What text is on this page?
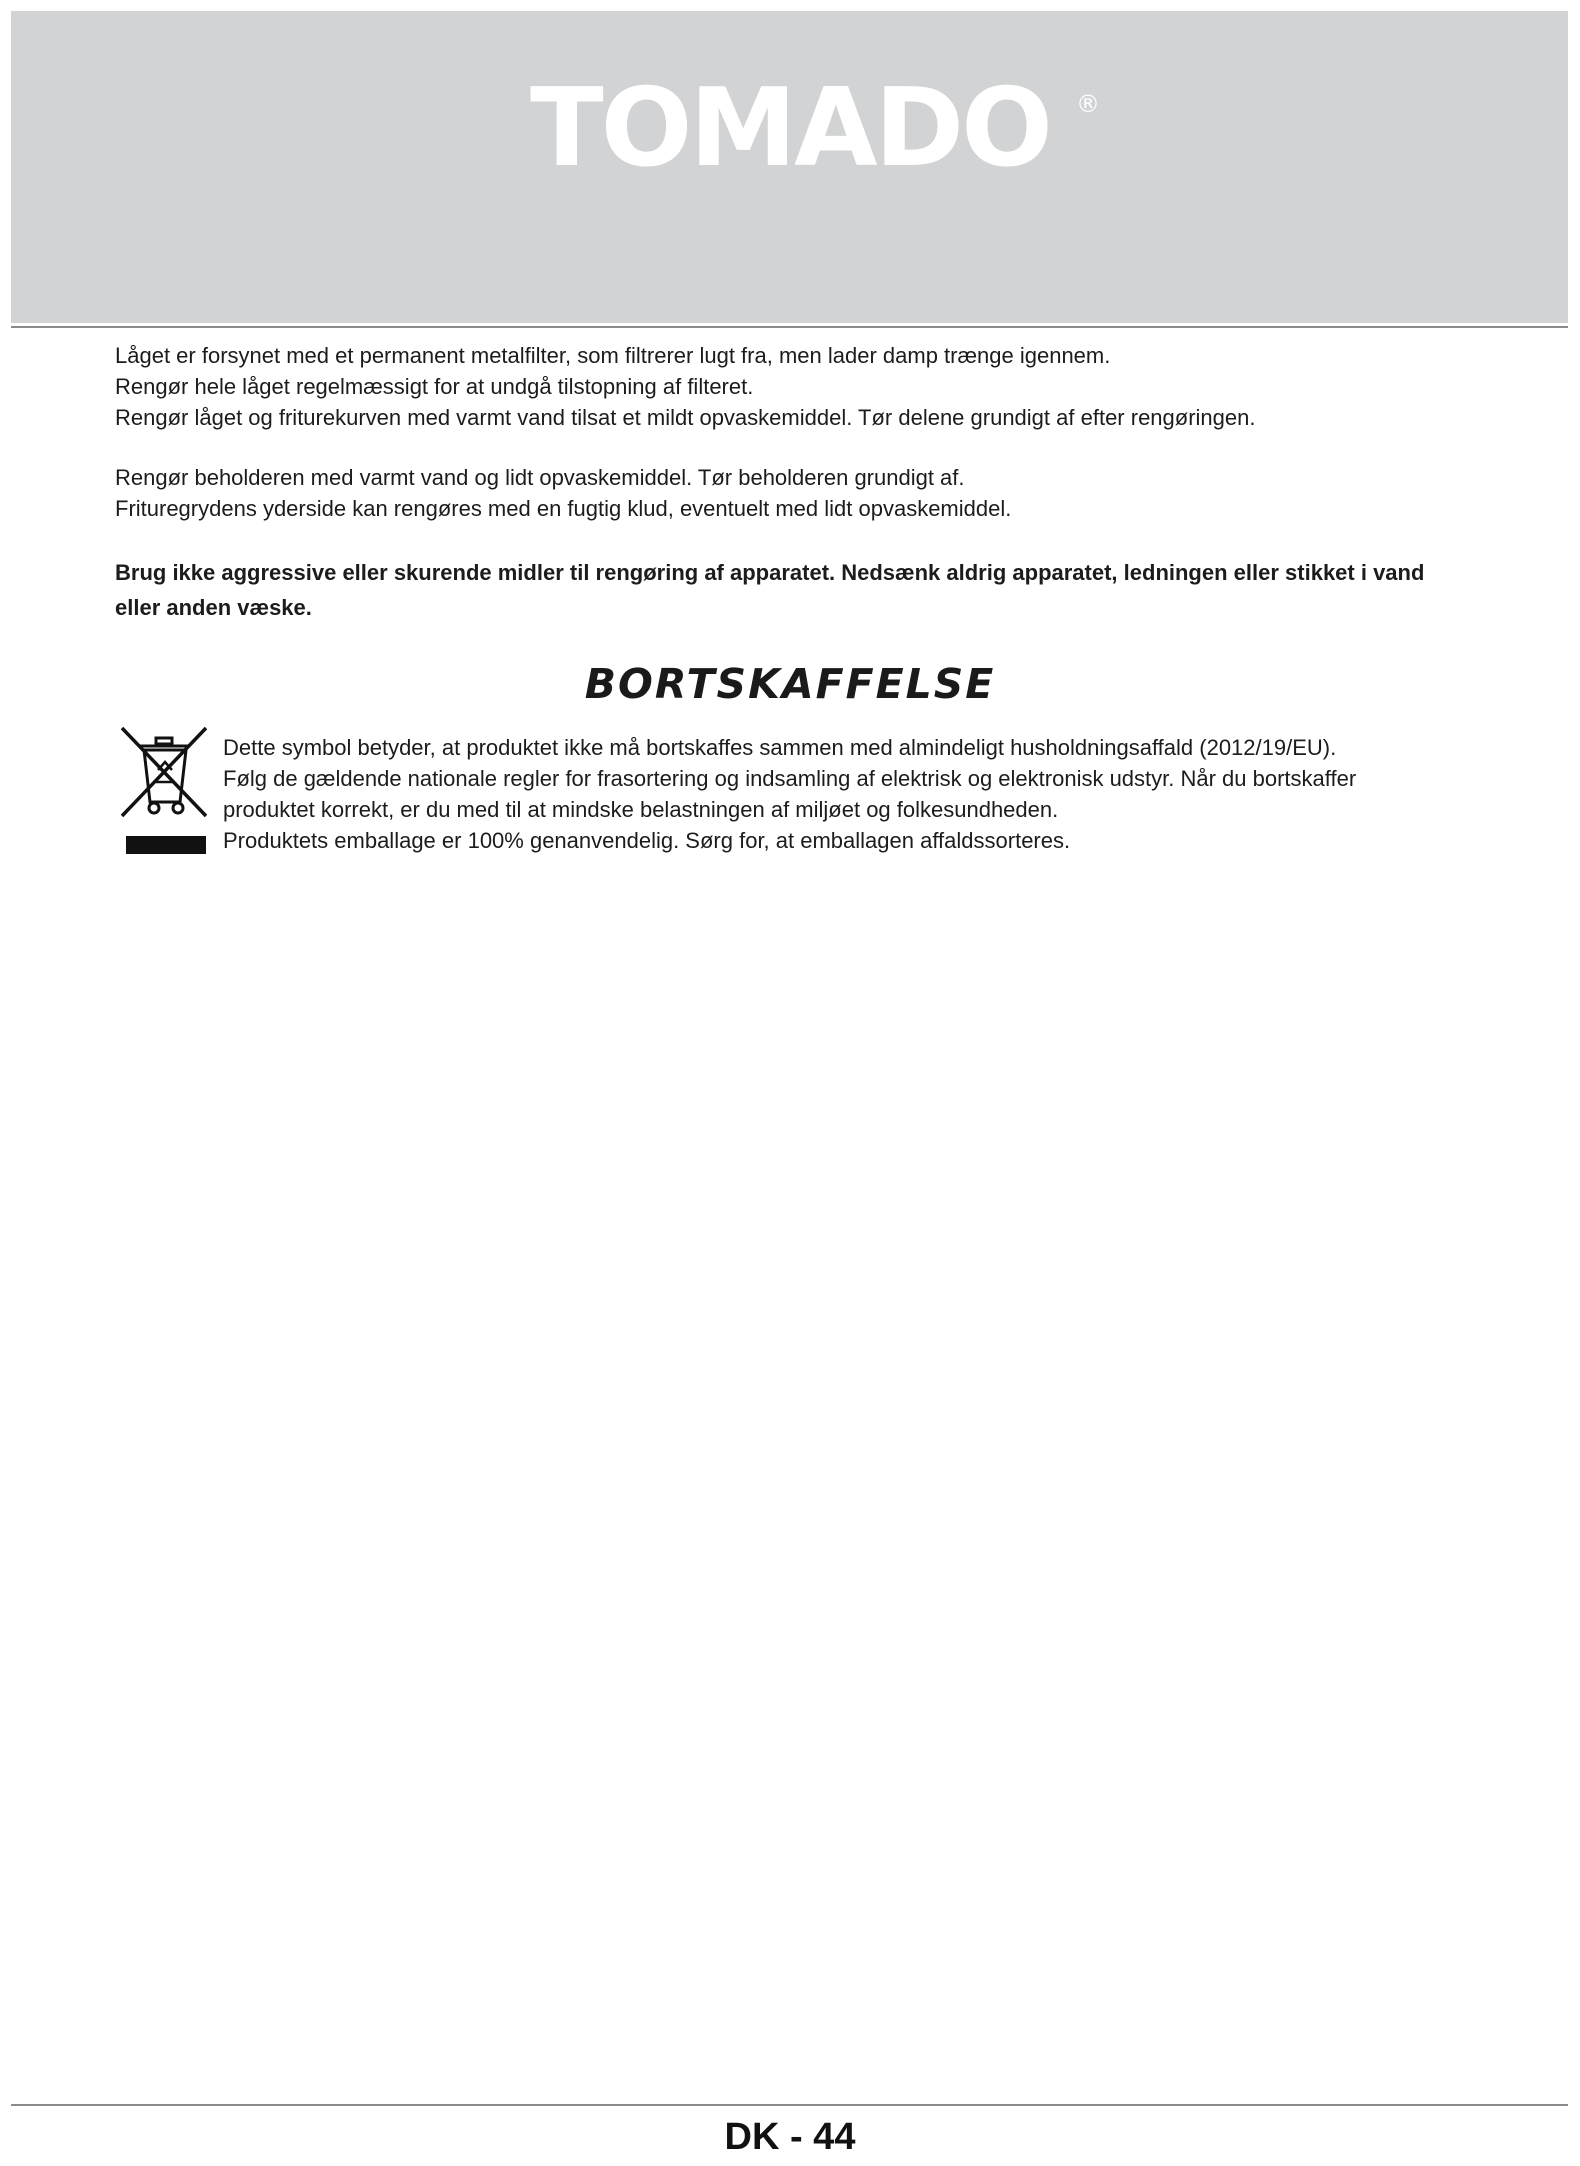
TOMADO	®

Låget er forsynet med et permanent metalfilter, som filtrerer lugt fra, men lader damp trænge igennem.

Rengør hele låget regelmæssigt for at undgå tilstopning af filteret.

Rengør låget og friturekurven med varmt vand tilsat et mildt opvaskemiddel. Tør delene grundigt af efter rengøringen.

Rengør beholderen med varmt vand og lidt opvaskemiddel. Tør beholderen grundigt af.

Frituregrydens yderside kan rengøres med en fugtig klud, eventuelt med lidt opvaskemiddel.

Brug ikke aggressive eller skurende midler til rengøring af apparatet. Nedsænk aldrig apparatet, ledningen eller stikket i vand eller anden væske.

BORTSKAFFELSE

Dette symbol betyder, at produktet ikke må bortskaffes sammen med almindeligt husholdningsaffald (2012/19/EU).

Følg de gældende nationale regler for frasortering og indsamling af elektrisk og elektronisk udstyr. Når du bortskaffer

produktet korrekt, er du med til at mindske belastningen af miljøet og folkesundheden.

Produktets emballage er 100% genanvendelig. Sørg for, at emballagen affaldssorteres.

DK - 44
